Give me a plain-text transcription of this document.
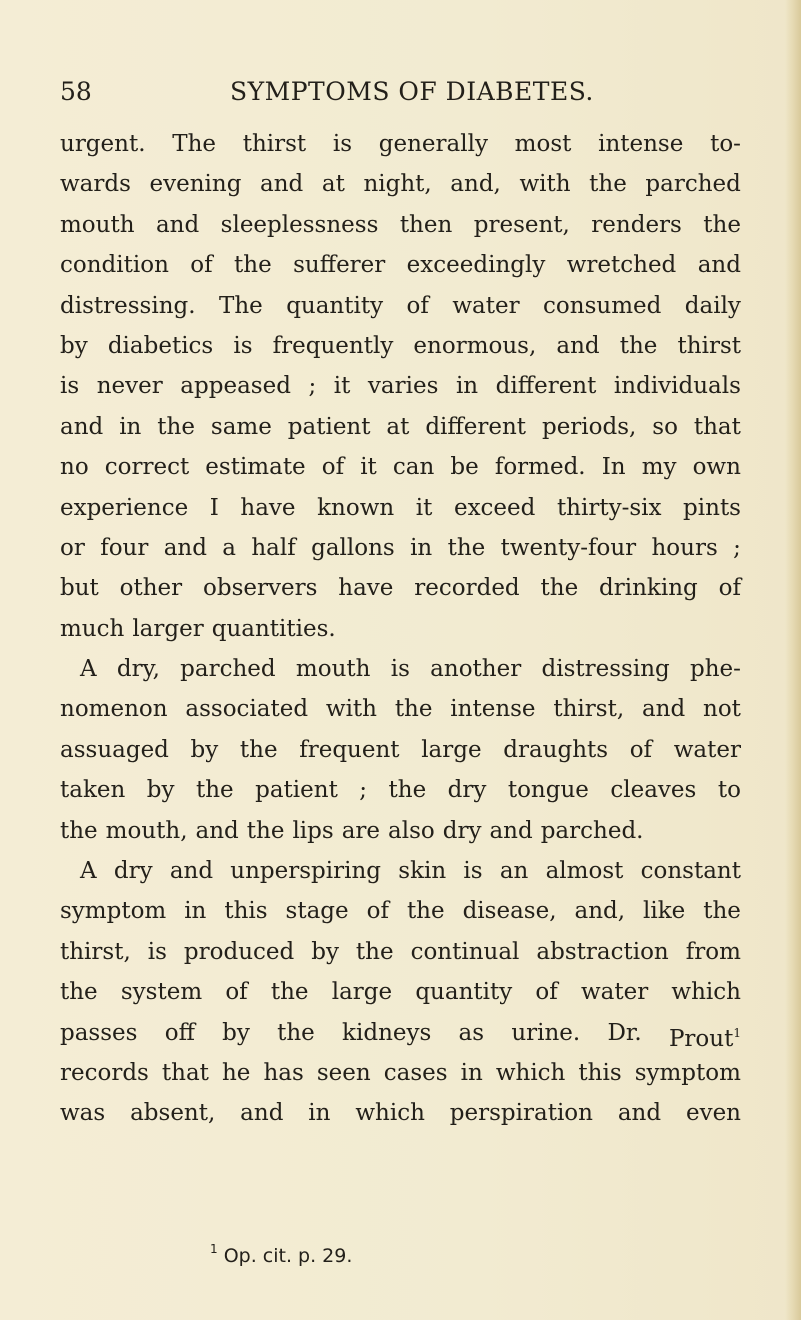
58	SYMPTOMS OF DIABETES.
urgent. The thirst is generally most intense to-
wards evening and at night, and, with the parched
mouth and sleeplessness then present, renders the
condition of the sufferer exceedingly wretched and
distressing. The quantity of water consumed daily
by diabetics is frequently enormous, and the thirst
is never appeased ; it varies in different individuals
and in the same patient at different periods, so that
no correct estimate of it can be formed. In my own
experience I have known it exceed thirty-six pints
or four and a half gallons in the twenty-four hours ;
but other observers have recorded the drinking of
much larger quantities.
A dry, parched mouth is another distressing phe-
nomenon associated with the intense thirst, and not
assuaged by the frequent large draughts of water
taken by the patient ; the dry tongue cleaves to
the mouth, and the lips are also dry and parched.
A dry and unperspiring skin is an almost constant
symptom in this stage of the disease, and, like the
thirst, is produced by the continual abstraction from
the system of the large quantity of water which
passes off by the kidneys as urine. Dr. Prout$^1$
records that he has seen cases in which this symptom
was absent, and in which perspiration and even
$^1$ Op. cit. p. 29.
